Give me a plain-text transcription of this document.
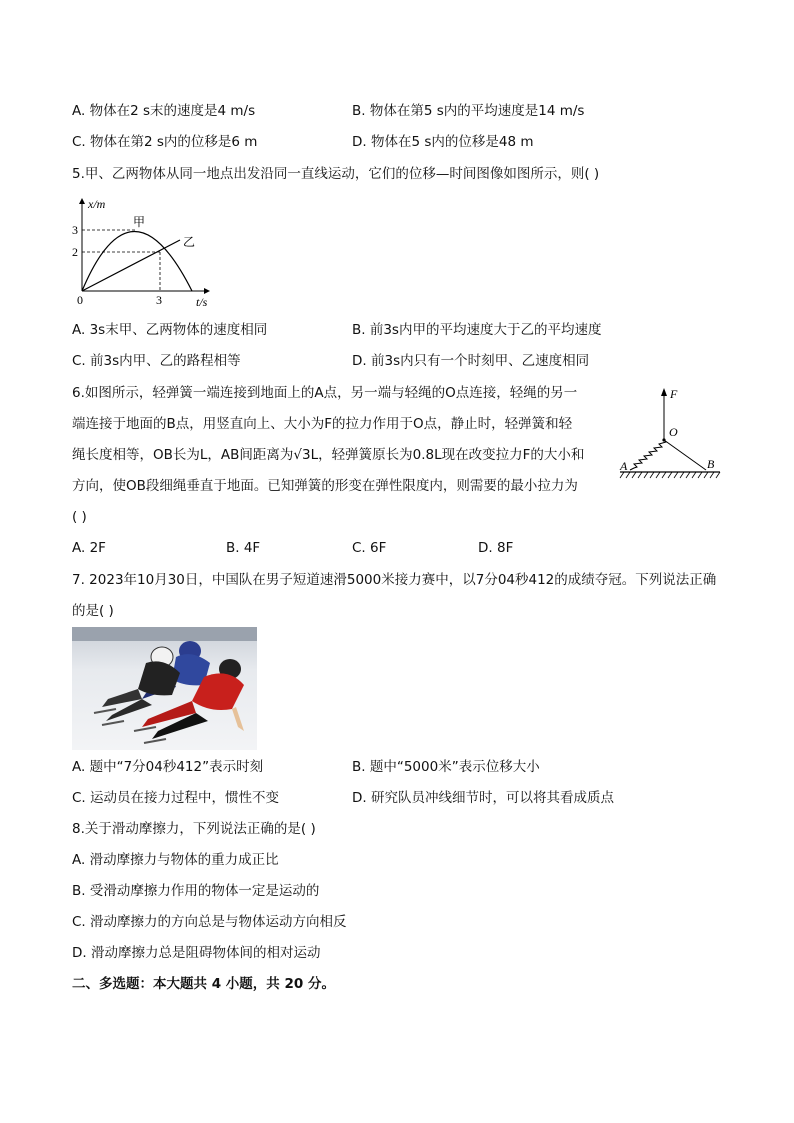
A. 物体在2 s末的速度是4 m/s	B. 物体在第5 s内的平均速度是14 m/s
C. 物体在第2 s内的位移是6 m	D. 物体在5 s内的位移是48 m
5.甲、乙两物体从同一地点出发沿同一直线运动，它们的位移—时间图像如图所示，则( )
x/m
t/s
0
3
2
3
甲
乙
A. 3s末甲、乙两物体的速度相同	B. 前3s内甲的平均速度大于乙的平均速度
C. 前3s内甲、乙的路程相等	D. 前3s内只有一个时刻甲、乙速度相同
6.如图所示，轻弹簧一端连接到地面上的A点，另一端与轻绳的O点连接，轻绳的另一
端连接于地面的B点，用竖直向上、大小为F的拉力作用于O点，静止时，轻弹簧和轻
绳长度相等，OB长为L，AB间距离为√3L，轻弹簧原长为0.8L现在改变拉力F的大小和
方向，使OB段细绳垂直于地面。已知弹簧的形变在弹性限度内，则需要的最小拉力为
( )
F
O
A	B
A. 2F	B. 4F	C. 6F	D. 8F
7. 2023年10月30日，中国队在男子短道速滑5000米接力赛中，以7分04秒412的成绩夺冠。下列说法正确
的是( )
A. 题中“7分04秒412”表示时刻	B. 题中“5000米”表示位移大小
C. 运动员在接力过程中，惯性不变	D. 研究队员冲线细节时，可以将其看成质点
8.关于滑动摩擦力，下列说法正确的是( )
A. 滑动摩擦力与物体的重力成正比
B. 受滑动摩擦力作用的物体一定是运动的
C. 滑动摩擦力的方向总是与物体运动方向相反
D. 滑动摩擦力总是阻碍物体间的相对运动
二、多选题：本大题共 4 小题，共 20 分。
